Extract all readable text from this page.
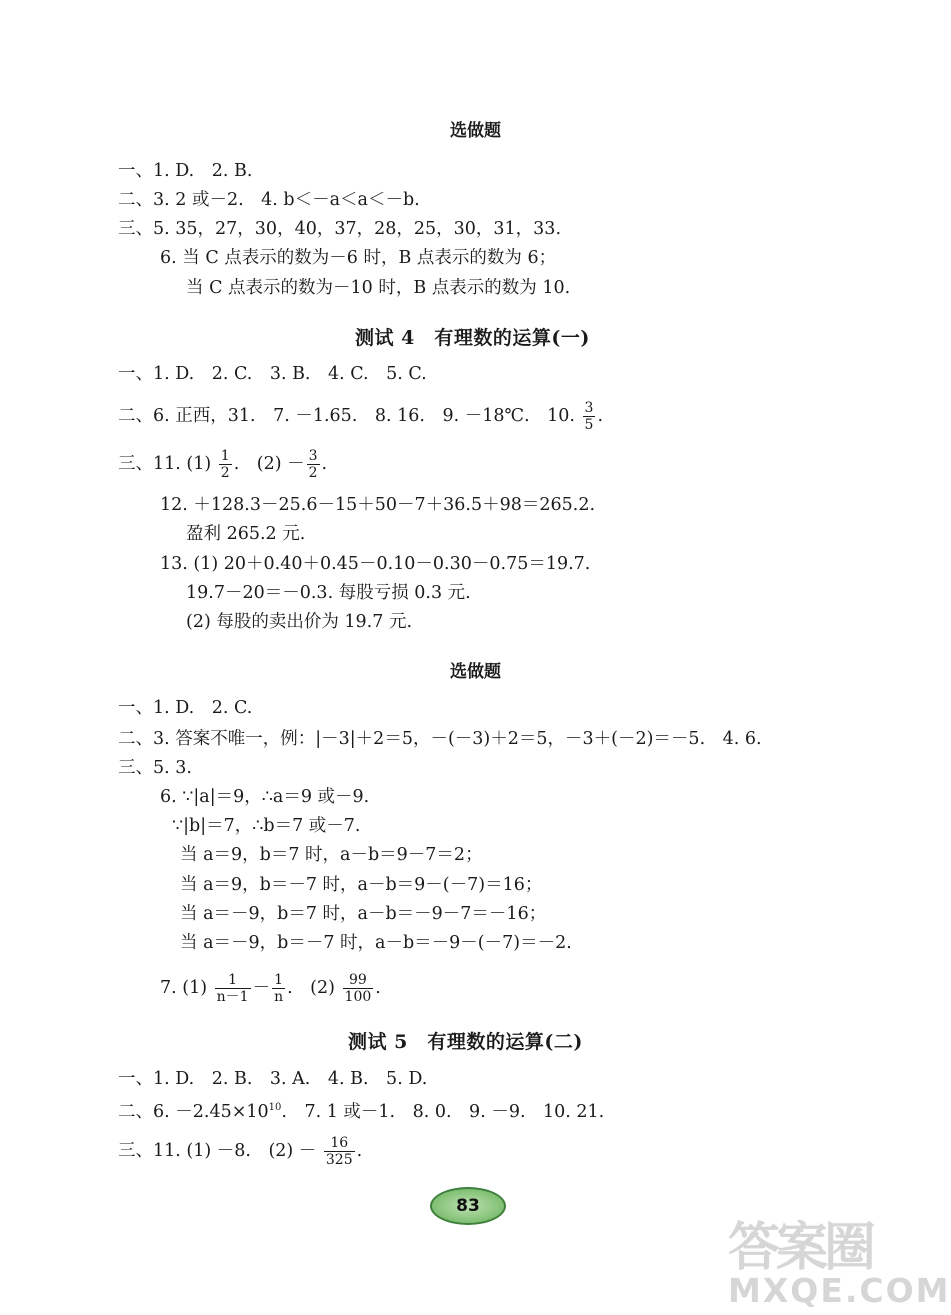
选做题
一、1. D.　2. B.
二、3. 2 或－2.　4. b＜－a＜a＜－b.
三、5. 35，27，30，40，37，28，25，30，31，33.
6. 当 C 点表示的数为－6 时，B 点表示的数为 6；
当 C 点表示的数为－10 时，B 点表示的数为 10.
测试 4　有理数的运算(一)
一、1. D.　2. C.　3. B.　4. C.　5. C.
二、6. 正西，31.　7. －1.65.　8. 16.　9. －18℃.　10. $\frac{3}{5}$ .
三、11. $(1) \frac{1}{2}$ .　$(2) - \frac{3}{2}$ .
12. ＋128.3－25.6－15＋50－7＋36.5＋98＝265.2.
盈利 265.2 元.
13. (1) 20＋0.40＋0.45－0.10－0.30－0.75＝19.7.
19.7－20＝－0.3. 每股亏损 0.3 元.
(2) 每股的卖出价为 19.7 元.
选做题
一、1. D.　2. C.
二、3. 答案不唯一，例：|－3|＋2＝5，－(－3)＋2＝5，－3＋(－2)＝－5.　4. 6.
三、5. 3.
6. ∵|a|＝9，∴a＝9 或－9.
∵|b|＝7，∴b＝7 或－7.
当 a＝9，b＝7 时，a－b＝9－7＝2；
当 a＝9，b＝－7 时，a－b＝9－(－7)＝16；
当 a＝－9，b＝7 时，a－b＝－9－7＝－16；
当 a＝－9，b＝－7 时，a－b＝－9－(－7)＝－2.
7. $(1) \frac{1}{n-1} - \frac{1}{n}$ .　$(2) \frac{99}{100}$ .
测试 5　有理数的运算(二)
一、1. D.　2. B.　3. A.　4. B.　5. D.
二、6. $-2.45\times 10^{10}$.　7. 1 或－1.　8. 0.　9. －9.　10. 21.
三、11. (1) －8.　$(2) - \frac{16}{325}$ .
83
答案圈
MXQE.COM
